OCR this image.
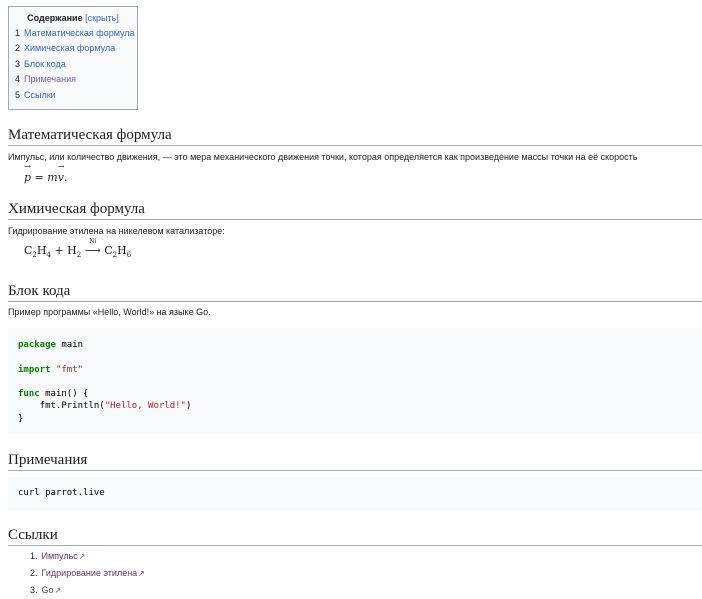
Содержание [скрыть]
1 Математическая формула
2 Химическая формула
3 Блок кода
4 Примечания
5 Ссылки
Математическая формула

Импульс, или количество движения, — это мера механического движения точки, которая определяется как произведение массы точки на её скорость

→ p = m→ v.
Химическая формула

Гидрирование этилена на никелевом катализаторе:

$C_2H_4 + H_2$
Ni
⟶ $C_2H_6$
Блок кода

Пример программы «Hello, World!» на языке Go.

package main

import "fmt"

func main() {
fmt.Println("Hello, World!")
}
Примечания
curl parrot.live
Ссылки
1. Импульс↗
2. Гидрирование этилена↗
3. Go↗
